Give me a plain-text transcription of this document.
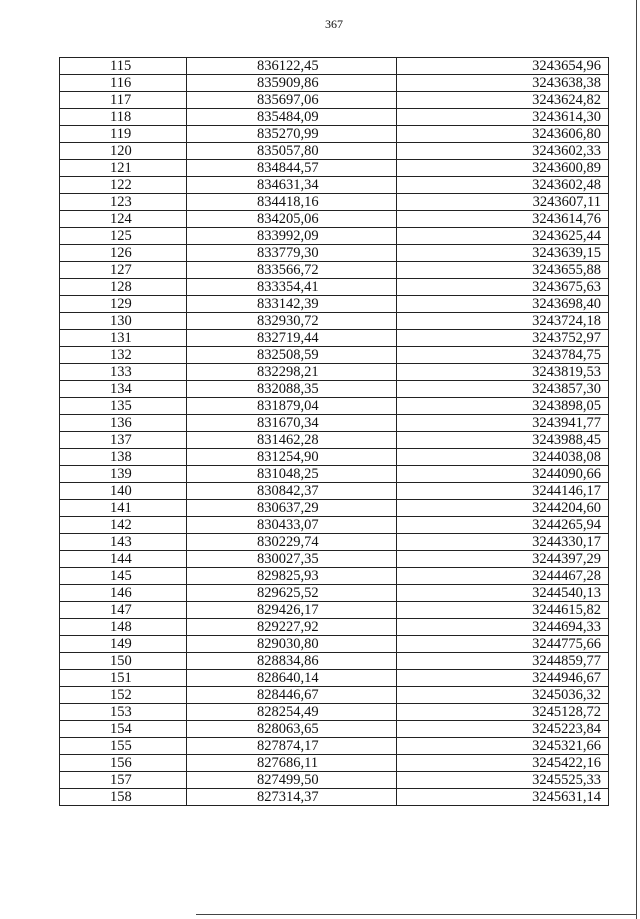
367
115	836122,45	3243654,96
116	835909,86	3243638,38
117	835697,06	3243624,82
118	835484,09	3243614,30
119	835270,99	3243606,80
120	835057,80	3243602,33
121	834844,57	3243600,89
122	834631,34	3243602,48
123	834418,16	3243607,11
124	834205,06	3243614,76
125	833992,09	3243625,44
126	833779,30	3243639,15
127	833566,72	3243655,88
128	833354,41	3243675,63
129	833142,39	3243698,40
130	832930,72	3243724,18
131	832719,44	3243752,97
132	832508,59	3243784,75
133	832298,21	3243819,53
134	832088,35	3243857,30
135	831879,04	3243898,05
136	831670,34	3243941,77
137	831462,28	3243988,45
138	831254,90	3244038,08
139	831048,25	3244090,66
140	830842,37	3244146,17
141	830637,29	3244204,60
142	830433,07	3244265,94
143	830229,74	3244330,17
144	830027,35	3244397,29
145	829825,93	3244467,28
146	829625,52	3244540,13
147	829426,17	3244615,82
148	829227,92	3244694,33
149	829030,80	3244775,66
150	828834,86	3244859,77
151	828640,14	3244946,67
152	828446,67	3245036,32
153	828254,49	3245128,72
154	828063,65	3245223,84
155	827874,17	3245321,66
156	827686,11	3245422,16
157	827499,50	3245525,33
158	827314,37	3245631,14
